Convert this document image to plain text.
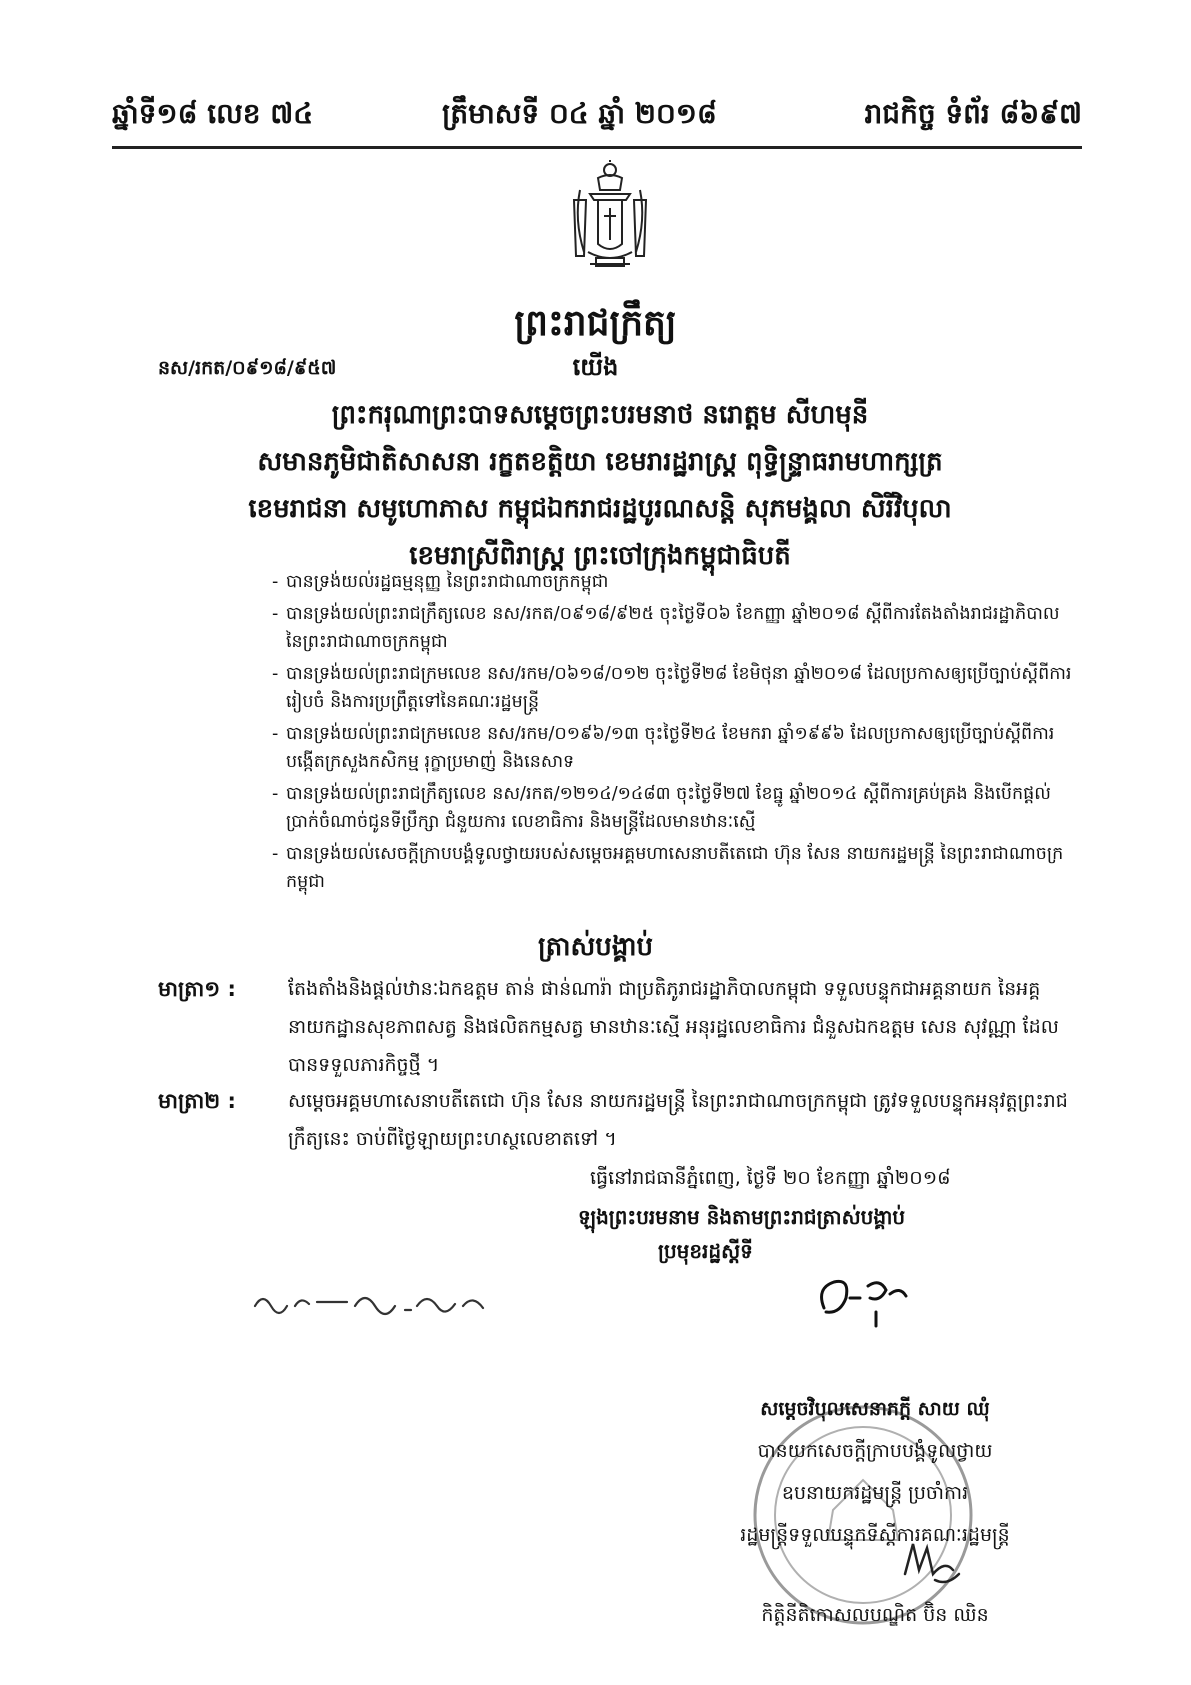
ឆ្នាំទី១៨ លេខ ៧៤	ត្រឹមាសទី ០៤ ឆ្នាំ ២០១៨	រាជកិច្ច ទំព័រ ៨៦៩៧
ព្រះរាជក្រឹត្យ
នស/រកត/០៩១៨/៩៥៧	យើង
ព្រះករុណាព្រះបាទសម្តេចព្រះបរមនាថ នរោត្តម សីហមុនី
សមានភូមិជាតិសាសនា រក្ខតខត្តិយា ខេមរារដ្ឋរាស្ត្រ ពុទ្ធិន្ទ្រាធរាមហាក្សត្រ
ខេមរាជនា សមូហោភាស កម្ពុជឯករាជរដ្ឋបូរណសន្តិ សុភមង្គលា សិរីវិបុលា
ខេមរាស្រីពិរាស្ត្រ ព្រះចៅក្រុងកម្ពុជាធិបតី
- បានទ្រង់យល់រដ្ឋធម្មនុញ្ញ នៃព្រះរាជាណាចក្រកម្ពុជា
- បានទ្រង់យល់ព្រះរាជក្រឹត្យលេខ នស/រកត/០៩១៨/៩២៥ ចុះថ្ងៃទី០៦ ខែកញ្ញា ឆ្នាំ២០១៨ ស្តីពីការតែងតាំងរាជរដ្ឋាភិបាល នៃព្រះរាជាណាចក្រកម្ពុជា
- បានទ្រង់យល់ព្រះរាជក្រមលេខ នស/រកម/០៦១៨/០១២ ចុះថ្ងៃទី២៨ ខែមិថុនា ឆ្នាំ២០១៨ ដែលប្រកាសឲ្យប្រើច្បាប់ស្តីពីការរៀបចំ និងការប្រព្រឹត្តទៅនៃគណៈរដ្ឋមន្ត្រី
- បានទ្រង់យល់ព្រះរាជក្រមលេខ នស/រកម/០១៩៦/១៣ ចុះថ្ងៃទី២៤ ខែមករា ឆ្នាំ១៩៩៦ ដែលប្រកាសឲ្យប្រើច្បាប់ស្តីពីការបង្កើតក្រសួងកសិកម្ម រុក្ខាប្រមាញ់ និងនេសាទ
- បានទ្រង់យល់ព្រះរាជក្រឹត្យលេខ នស/រកត/១២១៤/១៤៨៣ ចុះថ្ងៃទី២៧ ខែធ្នូ ឆ្នាំ២០១៤ ស្តីពីការគ្រប់គ្រង និងបើកផ្តល់ប្រាក់ចំណាច់ជូនទីប្រឹក្សា ជំនួយការ លេខាធិការ និងមន្ត្រីដែលមានឋានៈស្មើ
- បានទ្រង់យល់សេចក្តីក្រាបបង្គំទូលថ្វាយរបស់សម្តេចអគ្គមហាសេនាបតីតេជោ ហ៊ុន សែន នាយករដ្ឋមន្ត្រី នៃព្រះរាជាណាចក្រកម្ពុជា
ត្រាស់បង្គាប់
មាត្រា១ :	តែងតាំងនិងផ្តល់ឋានៈឯកឧត្តម តាន់ ផាន់ណារ៉ា ជាប្រតិភូរាជរដ្ឋាភិបាលកម្ពុជា ទទួលបន្ទុកជាអគ្គនាយក នៃអគ្គនាយកដ្ឋានសុខភាពសត្វ និងផលិតកម្មសត្វ មានឋានៈស្មើ អនុរដ្ឋលេខាធិការ ជំនួសឯកឧត្តម សេន សុវណ្ណា ដែលបានទទួលភារកិច្ចថ្មី ។
មាត្រា២ :	សម្តេចអគ្គមហាសេនាបតីតេជោ ហ៊ុន សែន នាយករដ្ឋមន្ត្រី នៃព្រះរាជាណាចក្រកម្ពុជា ត្រូវទទួលបន្ទុកអនុវត្តព្រះរាជក្រឹត្យនេះ ចាប់ពីថ្ងៃឡាយព្រះហស្ថលេខាតទៅ ។
ធ្វើនៅរាជធានីភ្នំពេញ, ថ្ងៃទី ២០ ខែកញ្ញា ឆ្នាំ២០១៨
ឡុងព្រះបរមនាម និងតាមព្រះរាជត្រាស់បង្គាប់
ប្រមុខរដ្ឋស្តីទី
សម្តេចវិបុលសេនាភក្តី សាយ ឈុំ
បានយកសេចក្តីក្រាបបង្គំទូលថ្វាយ
ឧបនាយករដ្ឋមន្ត្រី ប្រចាំការ
រដ្ឋមន្ត្រីទទួលបន្ទុកទីស្តីការគណៈរដ្ឋមន្ត្រី
កិត្តិនីតិកោសលបណ្ឌិត ប៊ិន ឈិន
